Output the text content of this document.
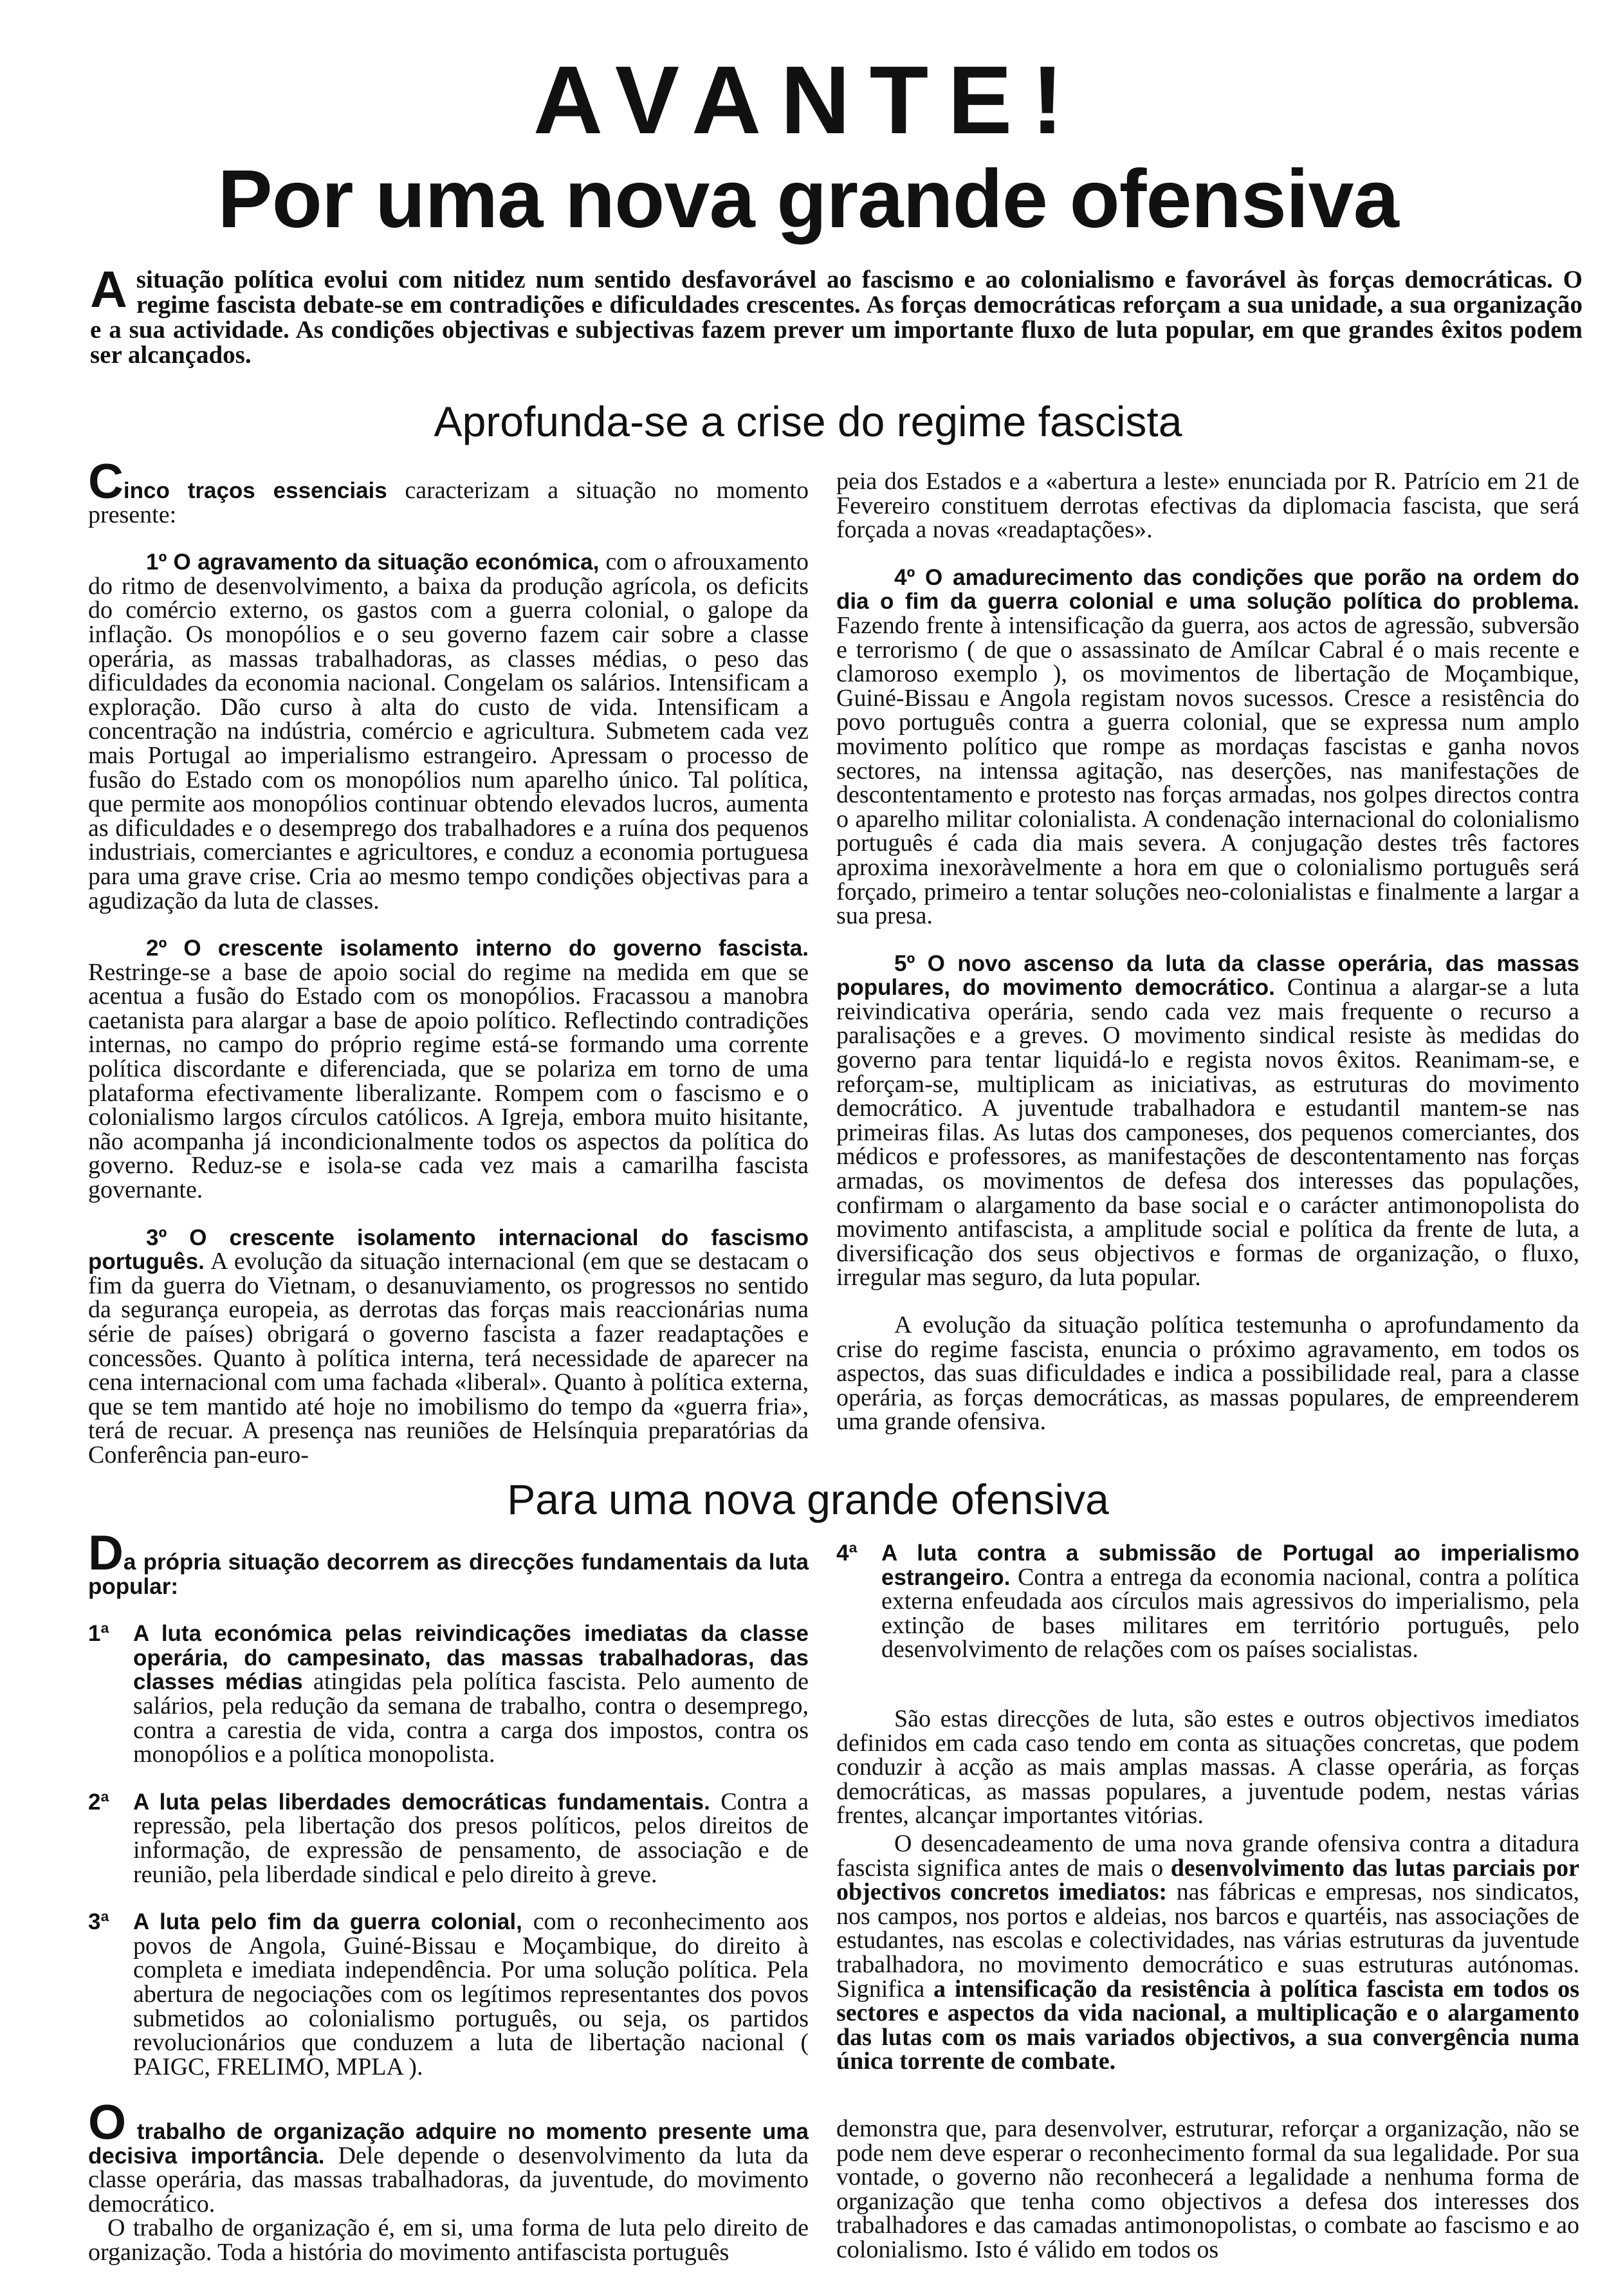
AVANTE!
Por uma nova grande ofensiva
Asituação política evolui com nitidez num sentido desfavorável ao fascismo e ao colonialismo e favorável às forças democráticas. O regime fascista debate-se em contradições e dificuldades crescentes. As forças democráticas reforçam a sua unidade, a sua organização e a sua actividade. As condições objectivas e subjectivas fazem prever um importante fluxo de luta popular, em que grandes êxitos podem ser alcançados.
Aprofunda-se a crise do regime fascista

Cinco traços essenciais caracterizam a situação no momento presente:

1º O agravamento da situação económica, com o afrouxamento do ritmo de desenvolvimento, a baixa da produção agrícola, os deficits do comércio externo, os gastos com a guerra colonial, o galope da inflação. Os monopólios e o seu governo fazem cair sobre a classe operária, as massas trabalhadoras, as classes médias, o peso das dificuldades da economia nacional. Congelam os salários. Intensificam a exploração. Dão curso à alta do custo de vida. Intensificam a concentração na indústria, comércio e agricultura. Submetem cada vez mais Portugal ao imperialismo estrangeiro. Apressam o processo de fusão do Estado com os monopólios num aparelho único. Tal política, que permite aos monopólios continuar obtendo elevados lucros, aumenta as dificuldades e o desemprego dos trabalhadores e a ruína dos pequenos industriais, comerciantes e agricultores, e conduz a economia portuguesa para uma grave crise. Cria ao mesmo tempo condições objectivas para a agudização da luta de classes.

2º O crescente isolamento interno do governo fascista. Restringe-se a base de apoio social do regime na medida em que se acentua a fusão do Estado com os monopólios. Fracassou a manobra caetanista para alargar a base de apoio político. Reflectindo contradições internas, no campo do próprio regime está-se formando uma corrente política discordante e diferenciada, que se polariza em torno de uma plataforma efectivamente liberalizante. Rompem com o fascismo e o colonialismo largos círculos católicos. A Igreja, embora muito hisitante, não acompanha já incondicionalmente todos os aspectos da política do governo. Reduz-se e isola-se cada vez mais a camarilha fascista governante.

3º O crescente isolamento internacional do fascismo português. A evolução da situação internacional (em que se destacam o fim da guerra do Vietnam, o desanuviamento, os progressos no sentido da segurança europeia, as derrotas das forças mais reaccionárias numa série de países) obrigará o governo fascista a fazer readaptações e concessões. Quanto à política interna, terá necessidade de aparecer na cena internacional com uma fachada «liberal». Quanto à política externa, que se tem mantido até hoje no imobilismo do tempo da «guerra fria», terá de recuar. A presença nas reuniões de Helsínquia preparatórias da Conferência pan-euro-

peia dos Estados e a «abertura a leste» enunciada por R. Patrício em 21 de Fevereiro constituem derrotas efectivas da diplomacia fascista, que será forçada a novas «readaptações».

4º O amadurecimento das condições que porão na ordem do dia o fim da guerra colonial e uma solução política do problema. Fazendo frente à intensificação da guerra, aos actos de agressão, subversão e terrorismo ( de que o assassinato de Amílcar Cabral é o mais recente e clamoroso exemplo ), os movimentos de libertação de Moçambique, Guiné-Bissau e Angola registam novos sucessos. Cresce a resistência do povo português contra a guerra colonial, que se expressa num amplo movimento político que rompe as mordaças fascistas e ganha novos sectores, na intenssa agitação, nas deserções, nas manifestações de descontentamento e protesto nas forças armadas, nos golpes directos contra o aparelho militar colonialista. A condenação internacional do colonialismo português é cada dia mais severa. A conjugação destes três factores aproxima inexoràvelmente a hora em que o colonialismo português será forçado, primeiro a tentar soluções neo-colonialistas e finalmente a largar a sua presa.

5º O novo ascenso da luta da classe operária, das massas populares, do movimento democrático. Continua a alargar-se a luta reivindicativa operária, sendo cada vez mais frequente o recurso a paralisações e a greves. O movimento sindical resiste às medidas do governo para tentar liquidá-lo e regista novos êxitos. Reanimam-se, e reforçam-se, multiplicam as iniciativas, as estruturas do movimento democrático. A juventude trabalhadora e estudantil mantem-se nas primeiras filas. As lutas dos camponeses, dos pequenos comerciantes, dos médicos e professores, as manifestações de descontentamento nas forças armadas, os movimentos de defesa dos interesses das populações, confirmam o alargamento da base social e o carácter antimonopolista do movimento antifascista, a amplitude social e política da frente de luta, a diversificação dos seus objectivos e formas de organização, o fluxo, irregular mas seguro, da luta popular.

A evolução da situação política testemunha o aprofundamento da crise do regime fascista, enuncia o próximo agravamento, em todos os aspectos, das suas dificuldades e indica a possibilidade real, para a classe operária, as forças democráticas, as massas populares, de empreenderem uma grande ofensiva.

Para uma nova grande ofensiva

Da própria situação decorrem as direcções fundamentais da luta popular:

1ª A luta económica pelas reivindicações imediatas da classe operária, do campesinato, das massas trabalhadoras, das classes médias atingidas pela política fascista. Pelo aumento de salários, pela redução da semana de trabalho, contra o desemprego, contra a carestia de vida, contra a carga dos impostos, contra os monopólios e a política monopolista.

2ª A luta pelas liberdades democráticas fundamentais. Contra a repressão, pela libertação dos presos políticos, pelos direitos de informação, de expressão de pensamento, de associação e de reunião, pela liberdade sindical e pelo direito à greve.

3ª A luta pelo fim da guerra colonial, com o reconhecimento aos povos de Angola, Guiné-Bissau e Moçambique, do direito à completa e imediata independência. Por uma solução política. Pela abertura de negociações com os legítimos representantes dos povos submetidos ao colonialismo português, ou seja, os partidos revolucionários que conduzem a luta de libertação nacional ( PAIGC, FRELIMO, MPLA ).

4ª A luta contra a submissão de Portugal ao imperialismo estrangeiro. Contra a entrega da economia nacional, contra a política externa enfeudada aos círculos mais agressivos do imperialismo, pela extinção de bases militares em território português, pelo desenvolvimento de relações com os países socialistas.

São estas direcções de luta, são estes e outros objectivos imediatos definidos em cada caso tendo em conta as situações concretas, que podem conduzir à acção as mais amplas massas. A classe operária, as forças democráticas, as massas populares, a juventude podem, nestas várias frentes, alcançar importantes vitórias.

O desencadeamento de uma nova grande ofensiva contra a ditadura fascista significa antes de mais o desenvolvimento das lutas parciais por objectivos concretos imediatos: nas fábricas e empresas, nos sindicatos, nos campos, nos portos e aldeias, nos barcos e quartéis, nas associações de estudantes, nas escolas e colectividades, nas várias estruturas da juventude trabalhadora, no movimento democrático e suas estruturas autónomas. Significa a intensificação da resistência à política fascista em todos os sectores e aspectos da vida nacional, a multiplicação e o alargamento das lutas com os mais variados objectivos, a sua convergência numa única torrente de combate.

O trabalho de organização adquire no momento presente uma decisiva importância. Dele depende o desenvolvimento da luta da classe operária, das massas trabalhadoras, da juventude, do movimento democrático.

O trabalho de organização é, em si, uma forma de luta pelo direito de organização. Toda a história do movimento antifascista português

demonstra que, para desenvolver, estruturar, reforçar a organização, não se pode nem deve esperar o reconhecimento formal da sua legalidade. Por sua vontade, o governo não reconhecerá a legalidade a nenhuma forma de organização que tenha como objectivos a defesa dos interesses dos trabalhadores e das camadas antimonopolistas, o combate ao fascismo e ao colonialismo. Isto é válido em todos os
